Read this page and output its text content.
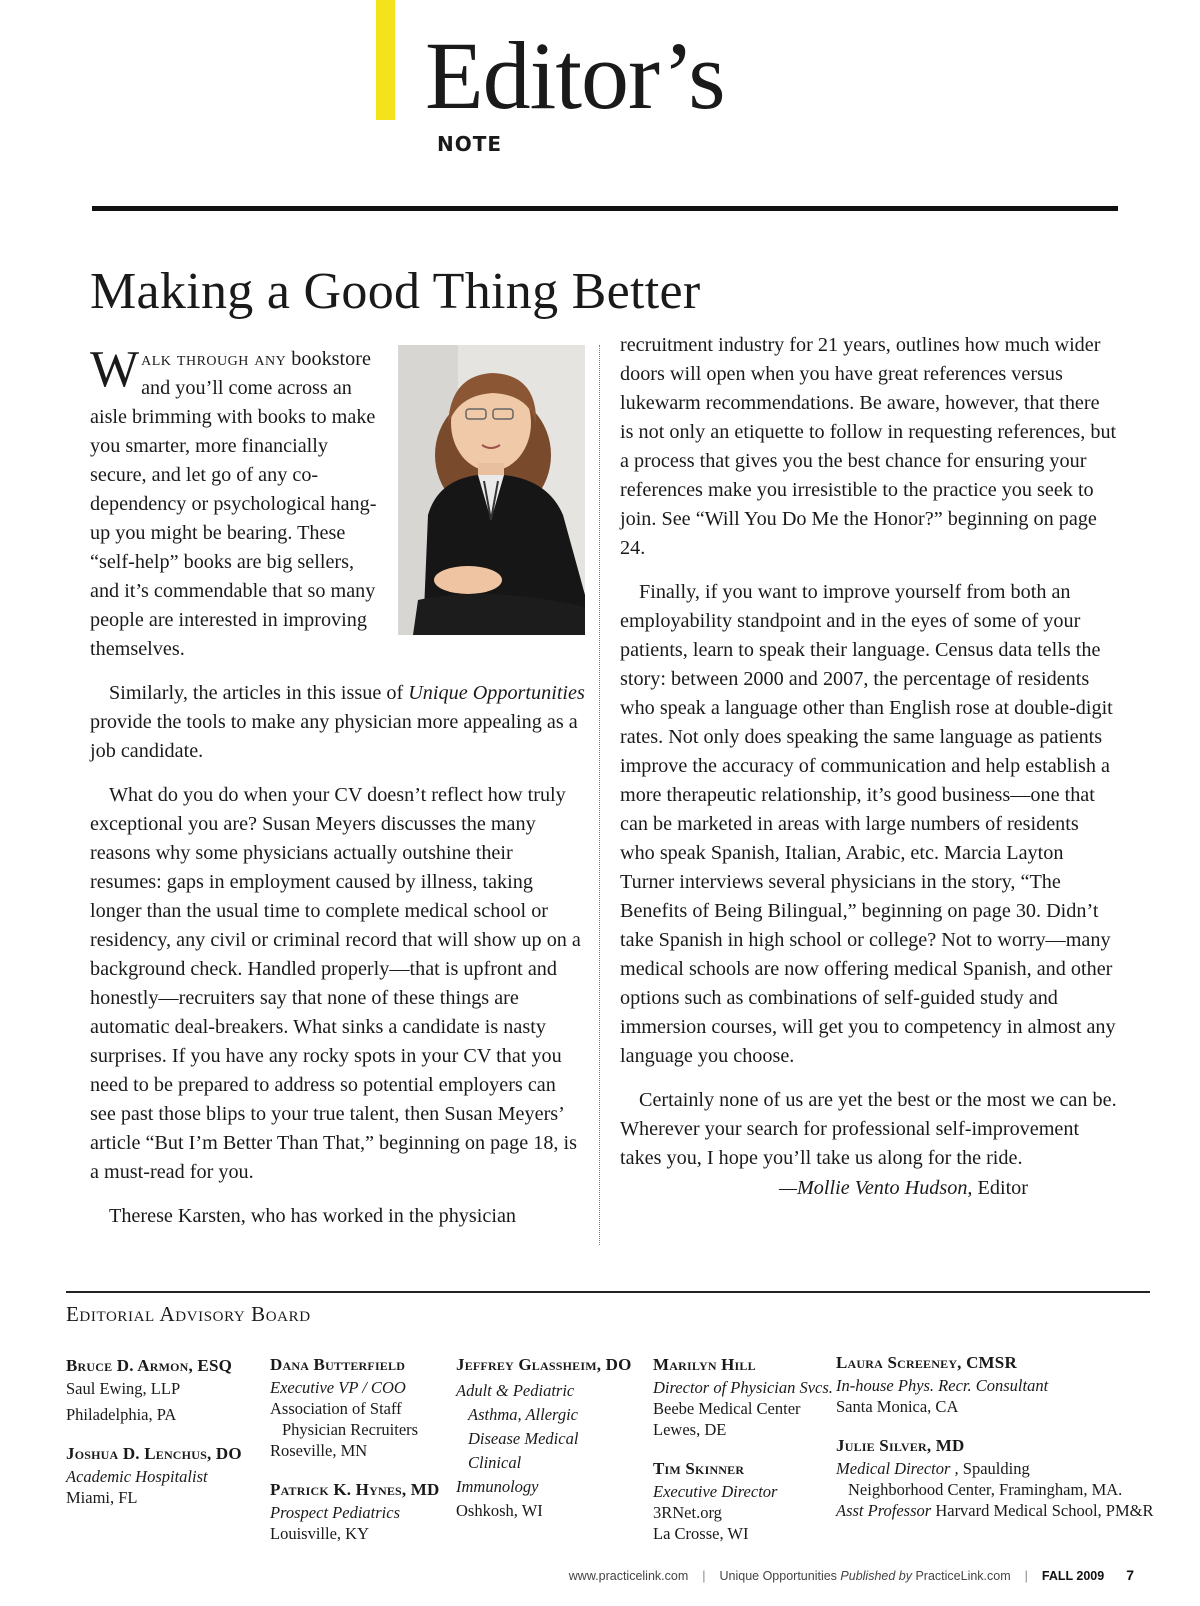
Editor’s
NOTE
Making a Good Thing Better

Walk through any bookstore and you’ll come across an aisle brimming with books to make you smarter, more financially secure, and let go of any co-dependency or psychological hang-up you might be bearing. These “self-help” books are big sellers, and it’s commendable that so many people are interested in improving themselves.

Similarly, the articles in this issue of Unique Opportunities provide the tools to make any physician more appealing as a job candidate.

What do you do when your CV doesn’t reflect how truly exceptional you are? Susan Meyers discusses the many reasons why some physicians actually outshine their resumes: gaps in employment caused by illness, taking longer than the usual time to complete medical school or residency, any civil or criminal record that will show up on a background check. Handled properly—that is upfront and honestly—recruiters say that none of these things are automatic deal-breakers. What sinks a candidate is nasty surprises. If you have any rocky spots in your CV that you need to be prepared to address so potential employers can see past those blips to your true talent, then Susan Meyers’ article “But I’m Better Than That,” beginning on page 18, is a must-read for you.

Therese Karsten, who has worked in the physician

recruitment industry for 21 years, outlines how much wider doors will open when you have great references versus lukewarm recommendations. Be aware, however, that there is not only an etiquette to follow in requesting references, but a process that gives you the best chance for ensuring your references make you irresistible to the practice you seek to join. See “Will You Do Me the Honor?” beginning on page 24.

Finally, if you want to improve yourself from both an employability standpoint and in the eyes of some of your patients, learn to speak their language. Census data tells the story: between 2000 and 2007, the percentage of residents who speak a language other than English rose at double-digit rates. Not only does speaking the same language as patients improve the accuracy of communication and help establish a more therapeutic relationship, it’s good business—one that can be marketed in areas with large numbers of residents who speak Spanish, Italian, Arabic, etc. Marcia Layton Turner interviews several physicians in the story, “The Benefits of Being Bilingual,” beginning on page 30. Didn’t take Spanish in high school or college? Not to worry—many medical schools are now offering medical Spanish, and other options such as combinations of self-guided study and immersion courses, will get you to competency in almost any language you choose.

Certainly none of us are yet the best or the most we can be. Wherever your search for professional self-improvement takes you, I hope you’ll take us along for the ride.

—Mollie Vento Hudson, Editor
Editorial Advisory Board
Bruce D. Armon, ESQ
Saul Ewing, LLP
Philadelphia, PA
Joshua D. Lenchus, DO
Academic Hospitalist
Miami, FL
Dana Butterfield
Executive VP / COO
Association of Staff
Physician Recruiters
Roseville, MN
Patrick K. Hynes, MD
Prospect Pediatrics
Louisville, KY
Jeffrey Glassheim, DO
Adult & Pediatric
Asthma, Allergic
Disease Medical
Clinical
Immunology
Oshkosh, WI
Marilyn Hill
Director of Physician Svcs.
Beebe Medical Center
Lewes, DE
Tim Skinner
Executive Director
3RNet.org
La Crosse, WI
Laura Screeney, CMSR
In-house Phys. Recr. Consultant
Santa Monica, CA
Julie Silver, MD
Medical Director , Spaulding
Neighborhood Center, Framingham, MA.
Asst Professor Harvard Medical School, PM&R
www.practicelink.com | Unique Opportunities Published by PracticeLink.com | FALL 2009 7
